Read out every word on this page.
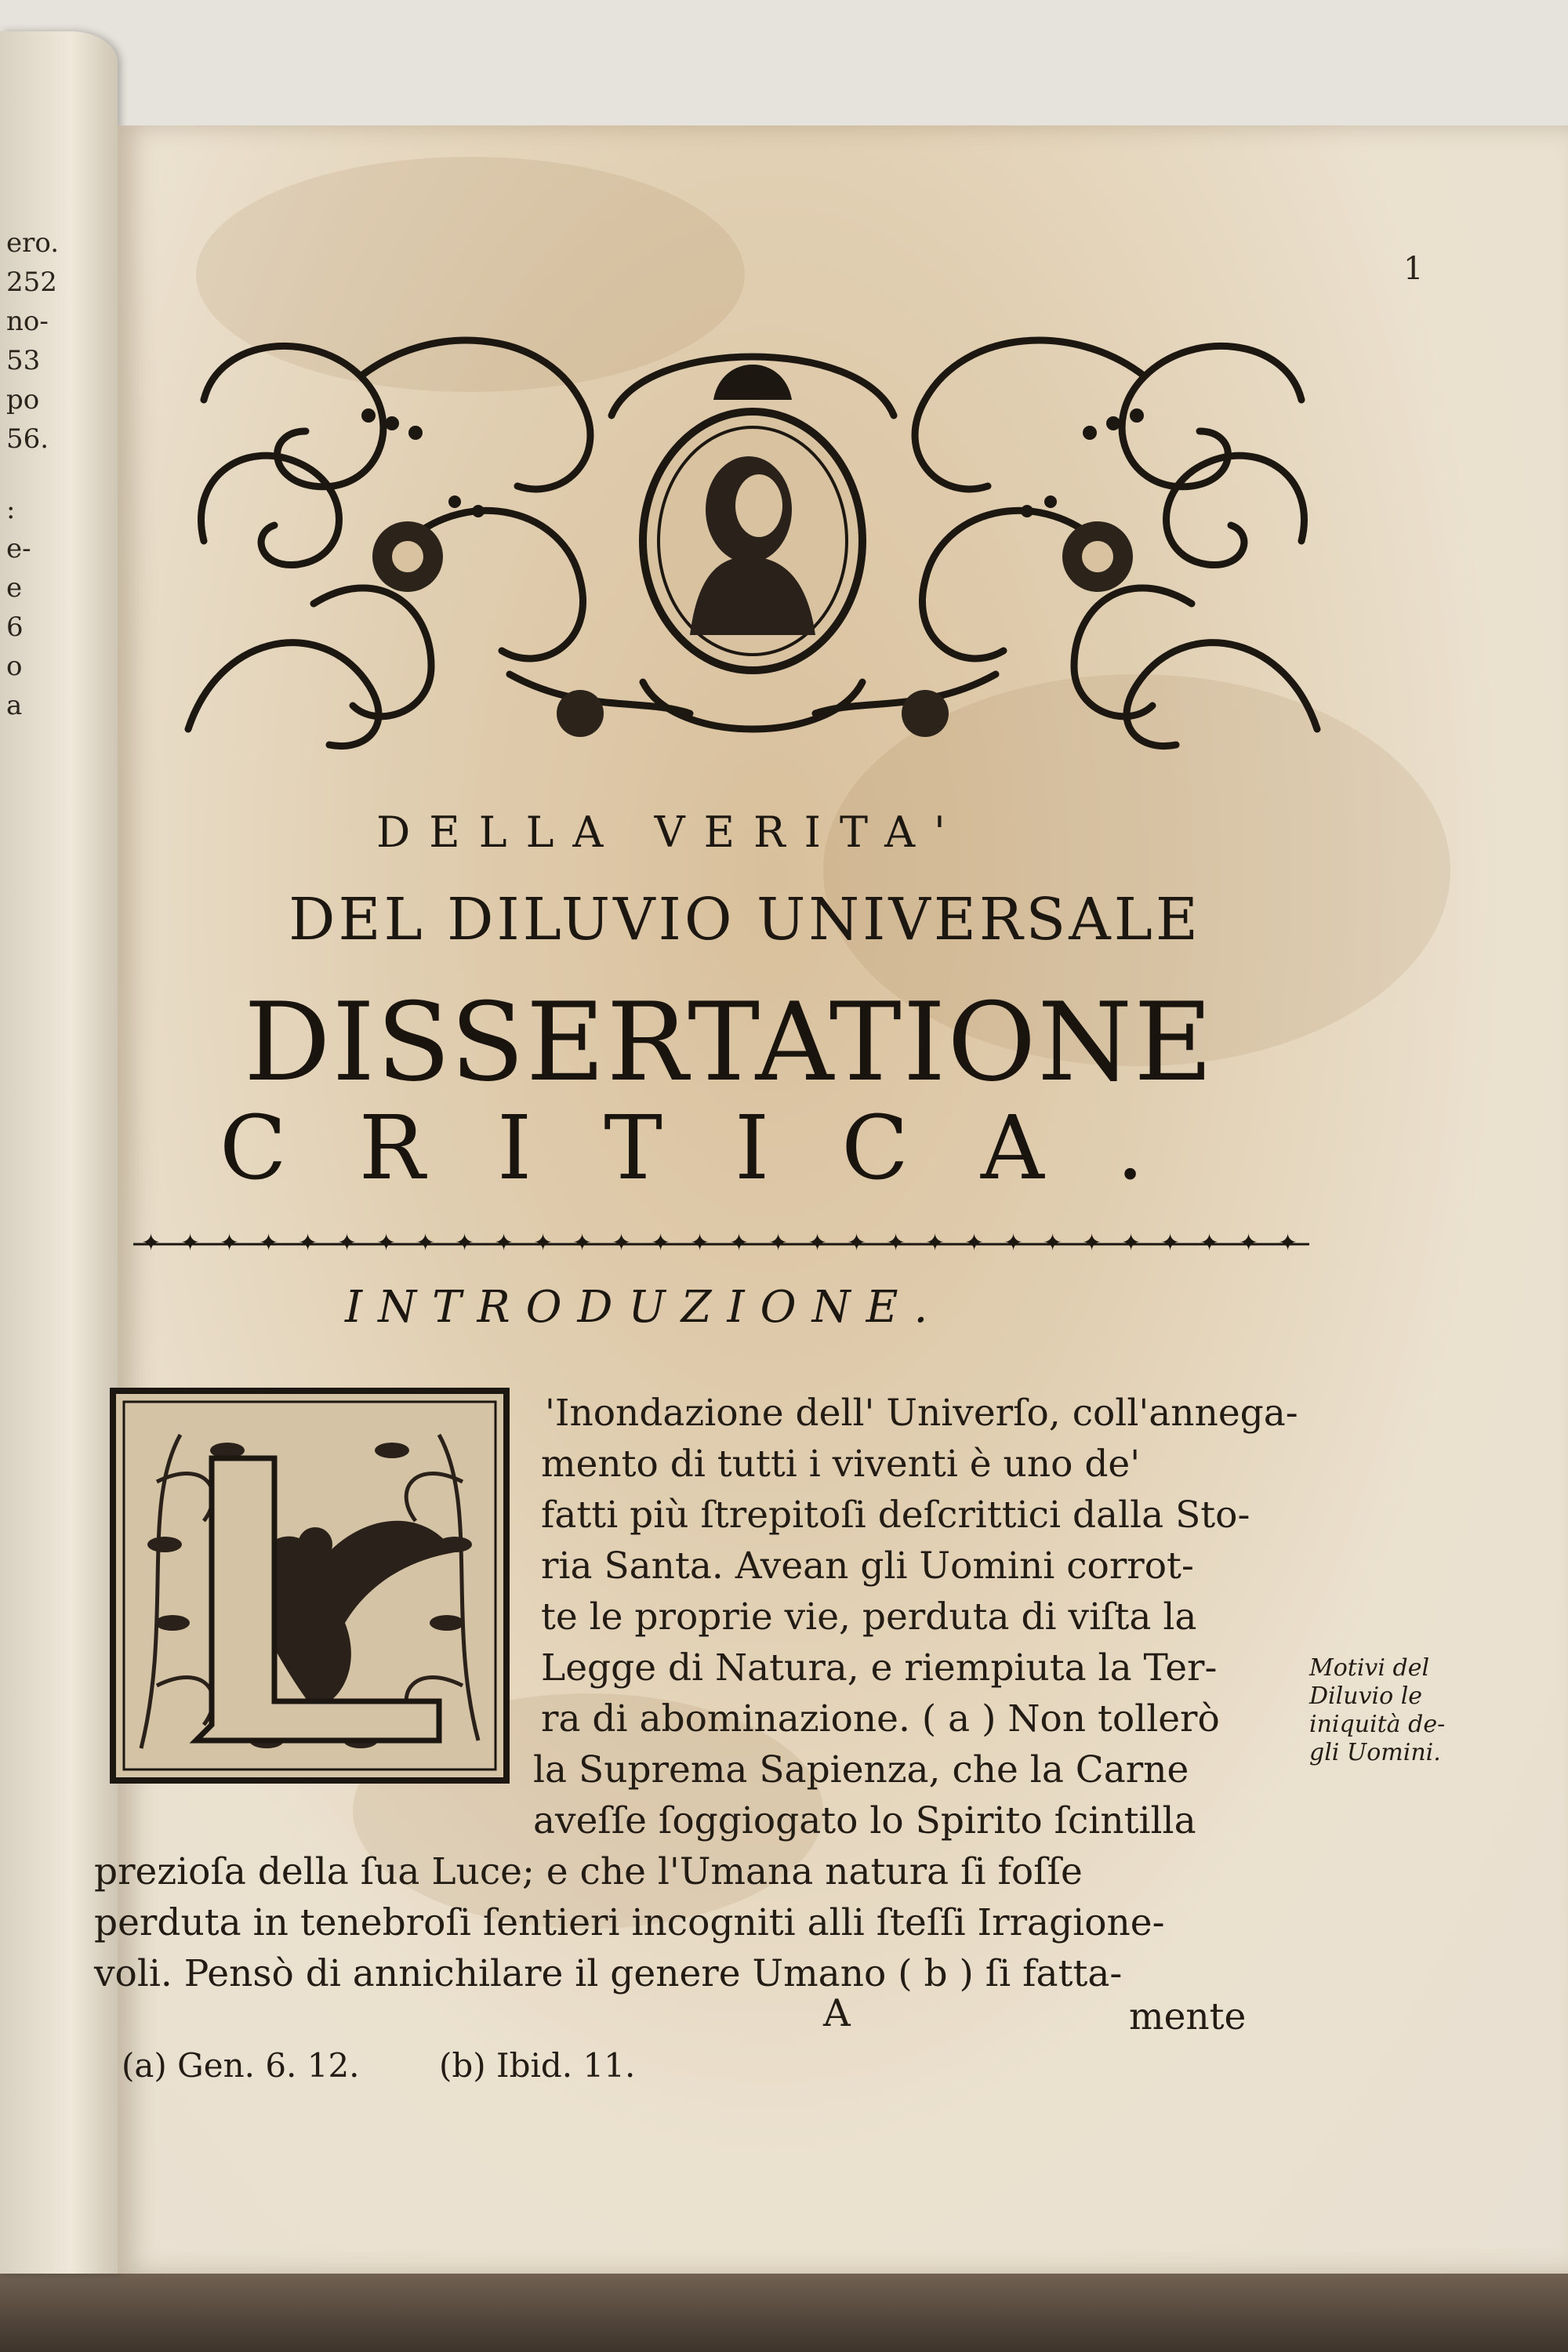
ero.
252
no-
53
po
56.
:
e-
e
6
o
a
1
DELLA VERITA'
DEL DILUVIO UNIVERSALE
DISSERTATIONE
CRITICA.
✦ ✦ ✦ ✦ ✦ ✦ ✦ ✦ ✦ ✦ ✦ ✦ ✦ ✦ ✦ ✦ ✦ ✦ ✦ ✦ ✦ ✦ ✦ ✦ ✦ ✦ ✦ ✦ ✦ ✦
INTRODUZIONE.
'Inondazione dell' Univerſo, coll'annega-
mento di tutti i viventi è uno de'
fatti più ſtrepitoſi deſcrittici dalla Sto-
ria Santa. Avean gli Uomini corrot-
te le proprie vie, perduta di viſta la
Legge di Natura, e riempiuta la Ter-
ra di abominazione. ( a ) Non tollerò
la Suprema Sapienza, che la Carne
aveſſe ſoggiogato lo Spirito ſcintilla
prezioſa della ſua Luce; e che l'Umana natura ſi foſſe
perduta in tenebroſi ſentieri incogniti alli ſteſſi Irragione-
voli. Pensò di annichilare il genere Umano ( b ) ſi fatta-
A	mente
(a) Gen. 6. 12. (b) Ibid. 11.
Motivi del
Diluvio le
iniquità de-
gli Uomini.
